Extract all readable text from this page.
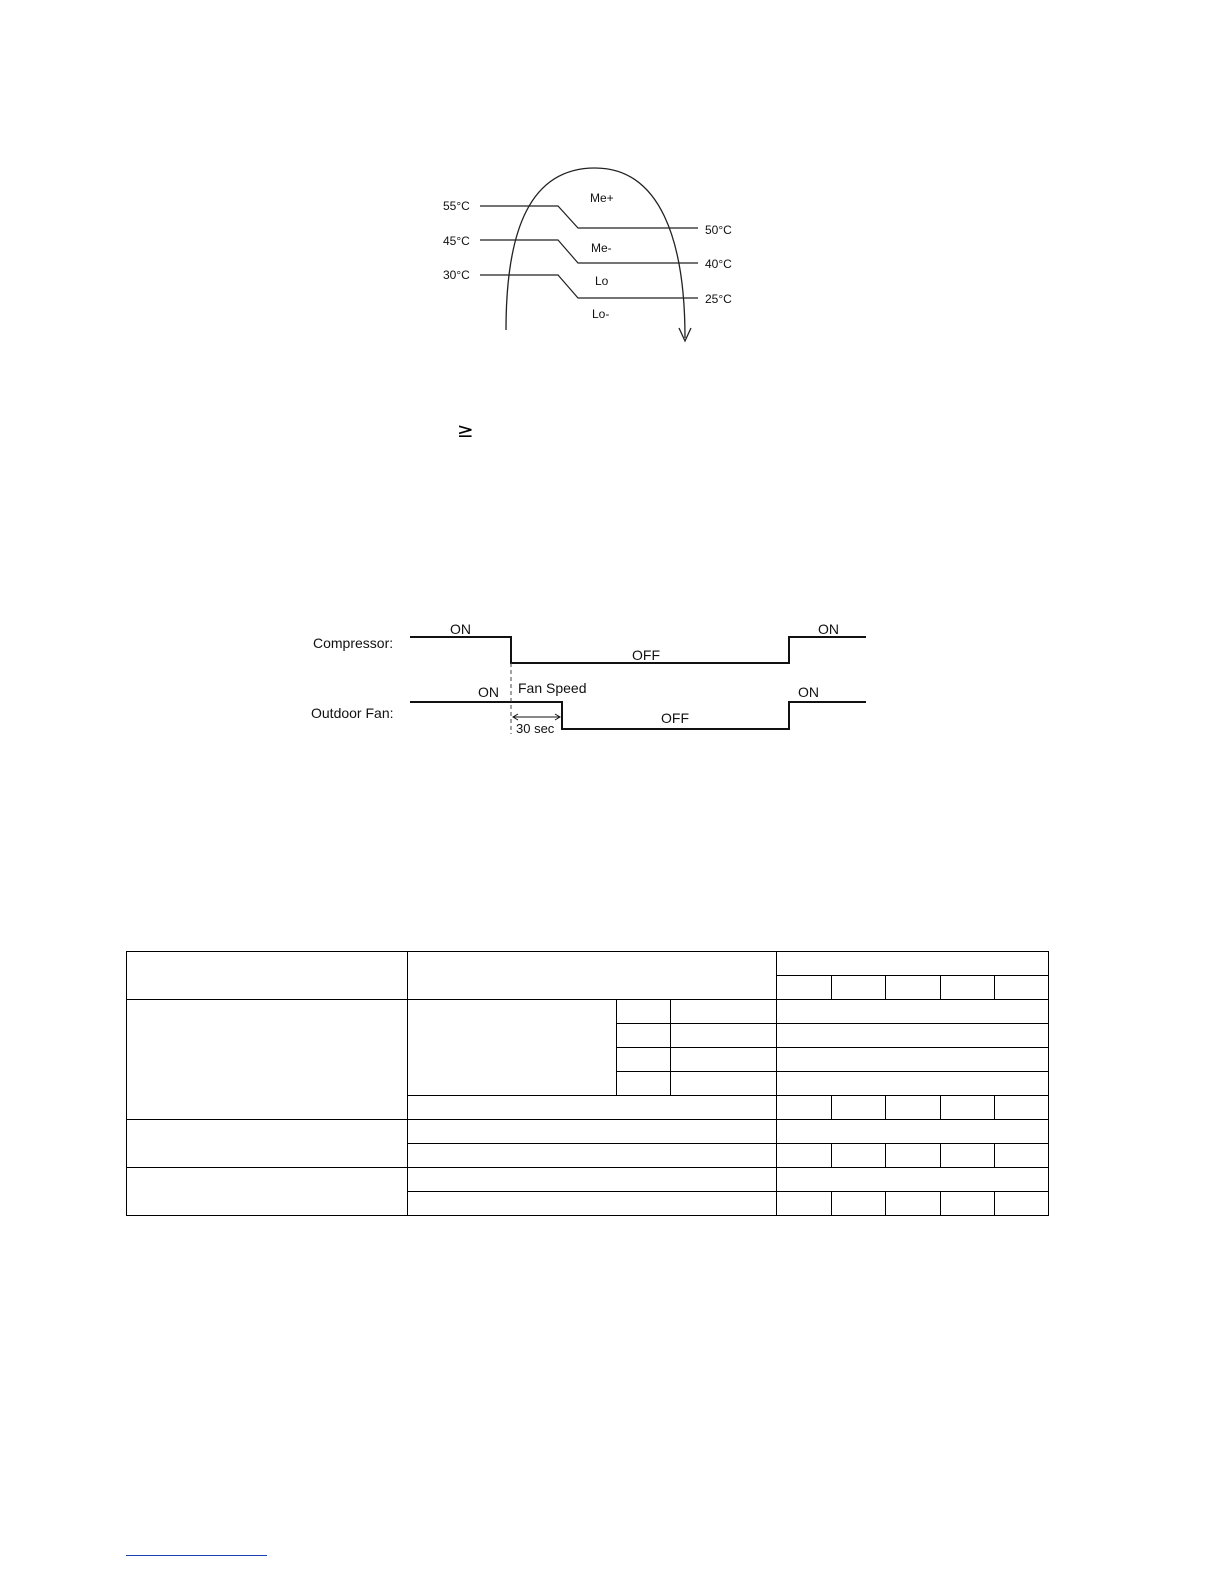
55°C
45°C
30°C
50°C
40°C
25°C
Me+
Me-
Lo
Lo-
≥
Compressor:
Outdoor Fan:
ON
OFF
ON
ON
OFF
ON
Fan Speed
30 sec
